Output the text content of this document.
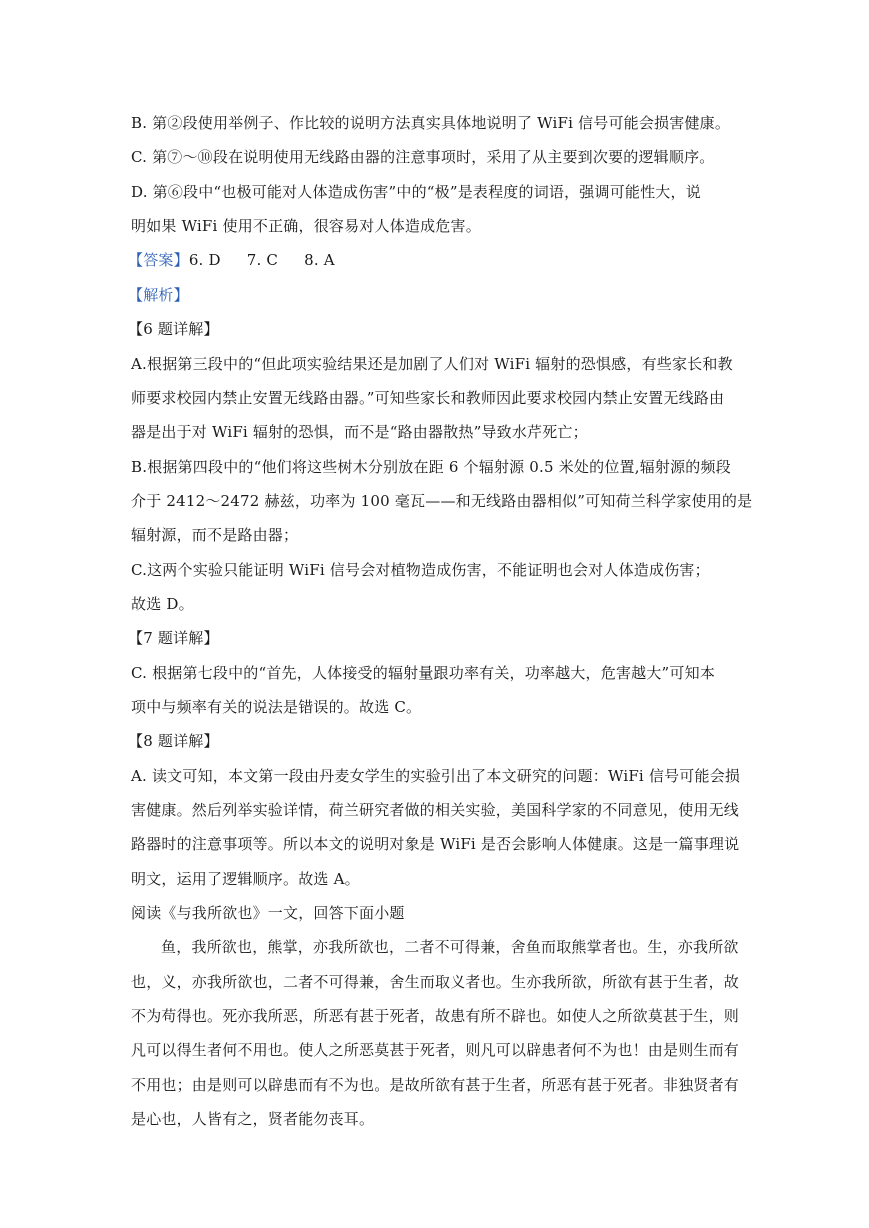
B. 第②段使用举例子、作比较的说明方法真实具体地说明了 WiFi 信号可能会损害健康。
C. 第⑦～⑩段在说明使用无线路由器的注意事项时，采用了从主要到次要的逻辑顺序。
D. 第⑥段中“也极可能对人体造成伤害”中的“极”是表程度的词语，强调可能性大，说
明如果 WiFi 使用不正确，很容易对人体造成危害。
【答案】6. D 7. C 8. A
【解析】
【6 题详解】
A.根据第三段中的“但此项实验结果还是加剧了人们对 WiFi 辐射的恐惧感，有些家长和教
师要求校园内禁止安置无线路由器。”可知些家长和教师因此要求校园内禁止安置无线路由
器是出于对 WiFi 辐射的恐惧，而不是“路由器散热”导致水芹死亡；
B.根据第四段中的“他们将这些树木分别放在距 6 个辐射源 0.5 米处的位置,辐射源的频段
介于 2412～2472 赫兹，功率为 100 毫瓦——和无线路由器相似”可知荷兰科学家使用的是
辐射源，而不是路由器；
C.这两个实验只能证明 WiFi 信号会对植物造成伤害，不能证明也会对人体造成伤害；
故选 D。
【7 题详解】
C. 根据第七段中的“首先，人体接受的辐射量跟功率有关，功率越大，危害越大”可知本
项中与频率有关的说法是错误的。故选 C。
【8 题详解】
A. 读文可知，本文第一段由丹麦女学生的实验引出了本文研究的问题：WiFi 信号可能会损
害健康。然后列举实验详情，荷兰研究者做的相关实验，美国科学家的不同意见，使用无线
路器时的注意事项等。所以本文的说明对象是 WiFi 是否会影响人体健康。这是一篇事理说
明文，运用了逻辑顺序。故选 A。
阅读《与我所欲也》一文，回答下面小题
鱼，我所欲也，熊掌，亦我所欲也，二者不可得兼，舍鱼而取熊掌者也。生，亦我所欲
也，义，亦我所欲也，二者不可得兼，舍生而取义者也。生亦我所欲，所欲有甚于生者，故
不为苟得也。死亦我所恶，所恶有甚于死者，故患有所不辟也。如使人之所欲莫甚于生，则
凡可以得生者何不用也。使人之所恶莫甚于死者，则凡可以辟患者何不为也！由是则生而有
不用也；由是则可以辟患而有不为也。是故所欲有甚于生者，所恶有甚于死者。非独贤者有
是心也，人皆有之，贤者能勿丧耳。
